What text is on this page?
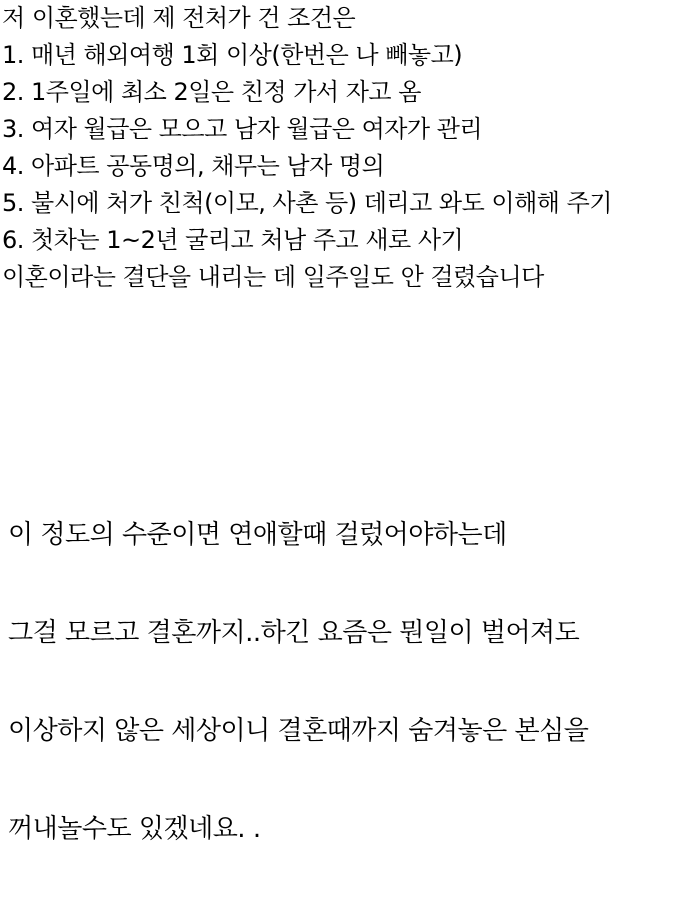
저 이혼했는데 제 전처가 건 조건은
1. 매년 해외여행 1회 이상(한번은 나 빼놓고)
2. 1주일에 최소 2일은 친정 가서 자고 옴
3. 여자 월급은 모으고 남자 월급은 여자가 관리
4. 아파트 공동명의, 채무는 남자 명의
5. 불시에 처가 친척(이모, 사촌 등) 데리고 와도 이해해 주기
6. 첫차는 1~2년 굴리고 처남 주고 새로 사기
이혼이라는 결단을 내리는 데 일주일도 안 걸렸습니다

이 정도의 수준이면 연애할때 걸렀어야하는데

그걸 모르고 결혼까지..하긴 요즘은 뭔일이 벌어져도

이상하지 않은 세상이니 결혼때까지 숨겨놓은 본심을

꺼내놀수도 있겠네요. .
